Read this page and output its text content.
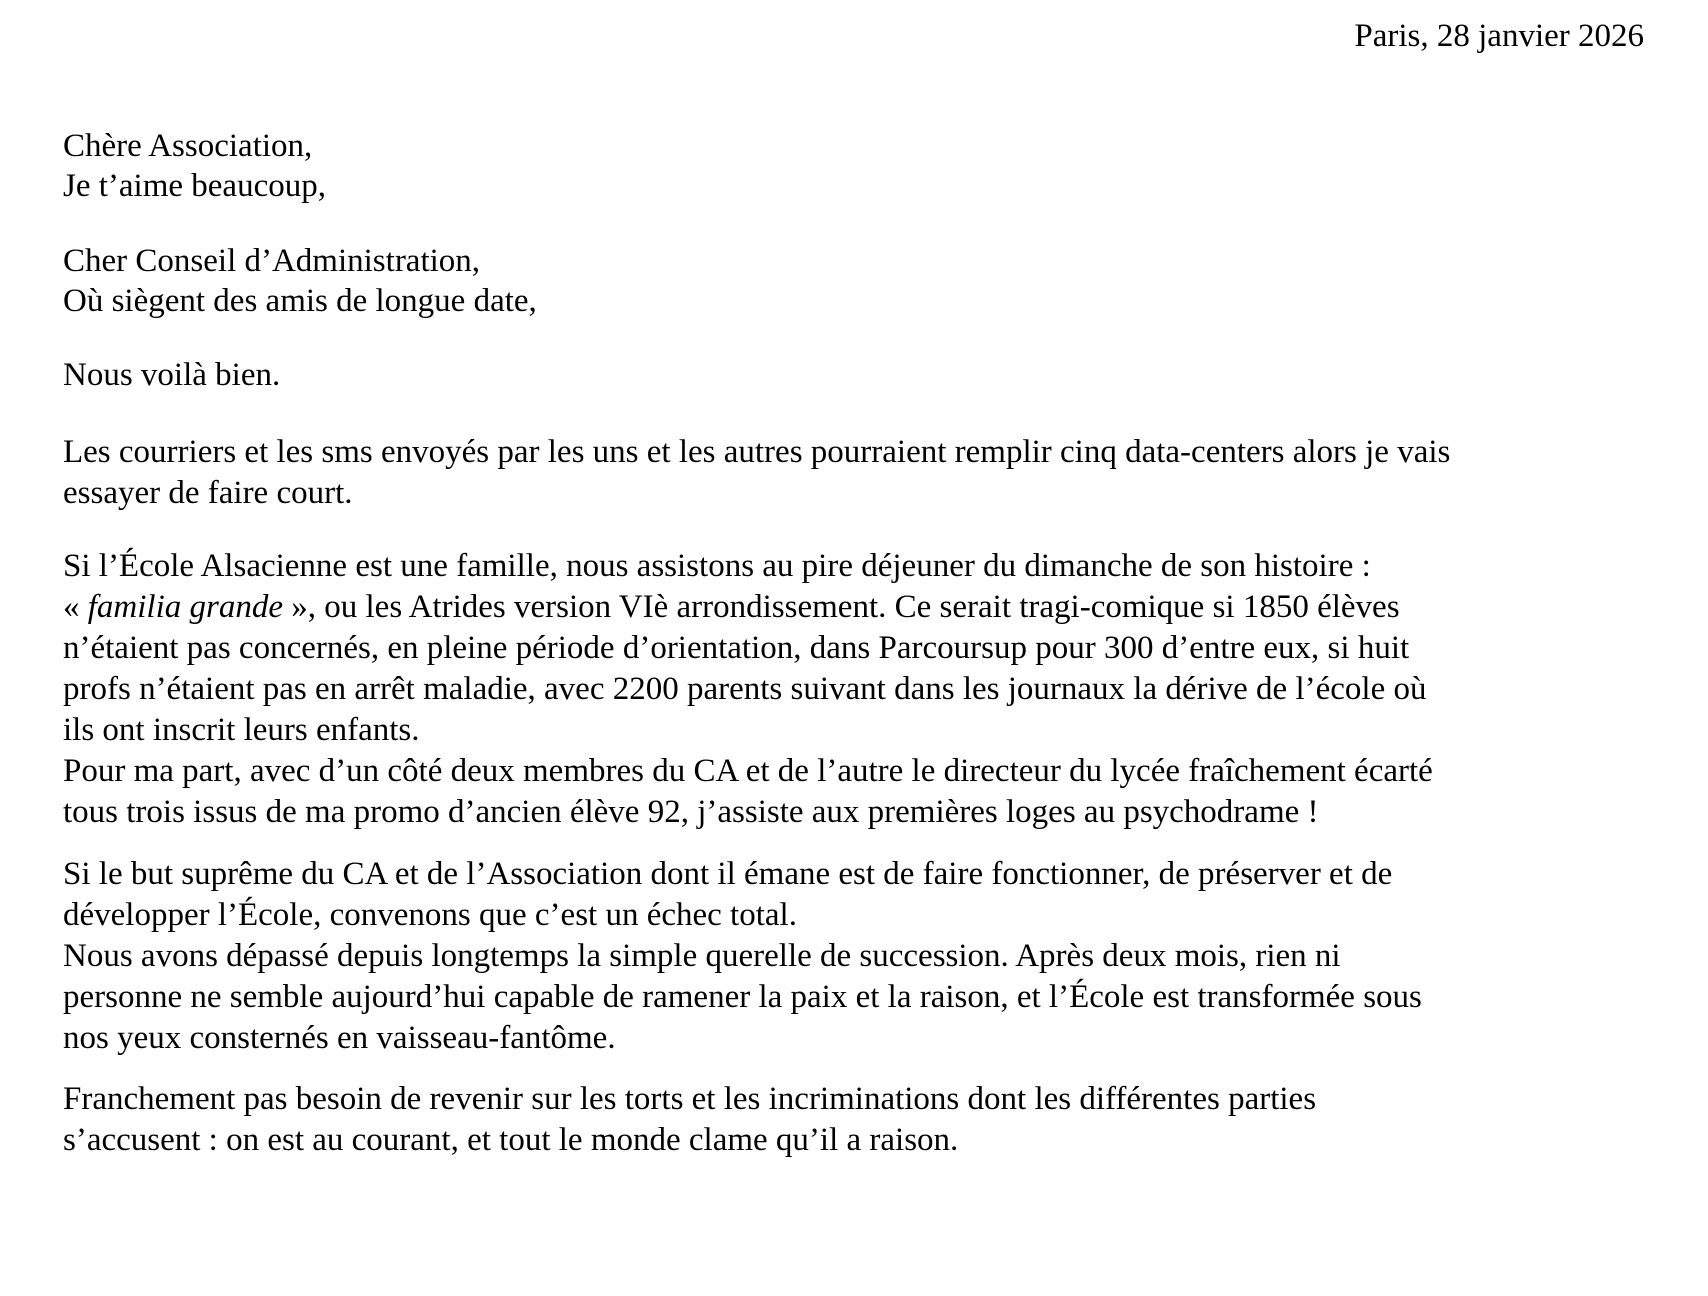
Paris, 28 janvier 2026
Chère Association,
Je t’aime beaucoup,
Cher Conseil d’Administration,
Où siègent des amis de longue date,
Nous voilà bien.
Les courriers et les sms envoyés par les uns et les autres pourraient remplir cinq data-centers alors je vais
essayer de faire court.
Si l’École Alsacienne est une famille, nous assistons au pire déjeuner du dimanche de son histoire :
« familia grande », ou les Atrides version VIè arrondissement. Ce serait tragi-comique si 1850 élèves
n’étaient pas concernés, en pleine période d’orientation, dans Parcoursup pour 300 d’entre eux, si huit
profs n’étaient pas en arrêt maladie, avec 2200 parents suivant dans les journaux la dérive de l’école où
ils ont inscrit leurs enfants.
Pour ma part, avec d’un côté deux membres du CA et de l’autre le directeur du lycée fraîchement écarté
tous trois issus de ma promo d’ancien élève 92, j’assiste aux premières loges au psychodrame !
Si le but suprême du CA et de l’Association dont il émane est de faire fonctionner, de préserver et de
développer l’École, convenons que c’est un échec total.
Nous avons dépassé depuis longtemps la simple querelle de succession. Après deux mois, rien ni
personne ne semble aujourd’hui capable de ramener la paix et la raison, et l’École est transformée sous
nos yeux consternés en vaisseau-fantôme.
Franchement pas besoin de revenir sur les torts et les incriminations dont les différentes parties
s’accusent : on est au courant, et tout le monde clame qu’il a raison.
